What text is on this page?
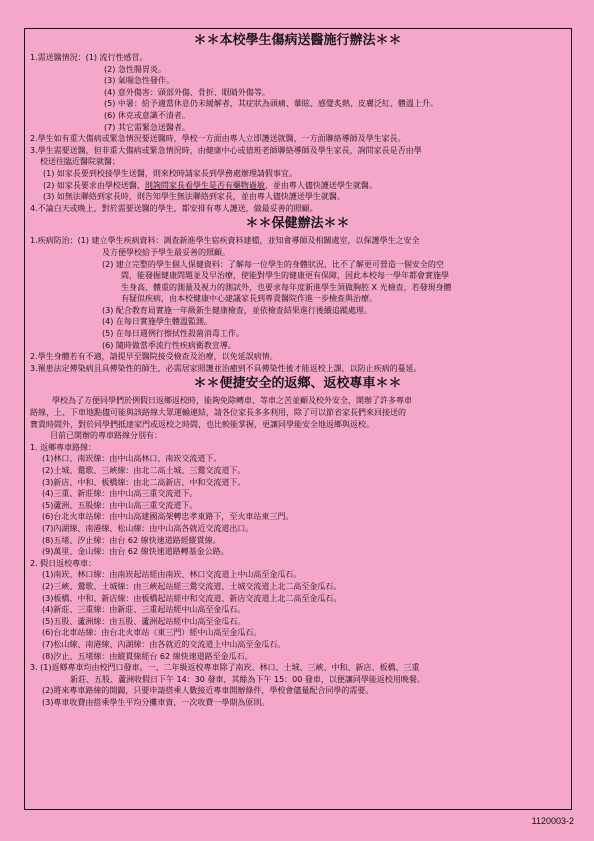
＊＊本校學生傷病送醫施行辦法＊＊
1.需送醫情況：(1) 流行性感冒。
(2) 急性腸胃炎。
(3) 氣喘急性發作。
(4) 意外傷害：頭部外傷、骨折、眼睛外傷等。
(5) 中暑：給予適當休息仍未緩解者，其症狀為頭痛、暈眩、感覺炙熱、皮膚泛紅、體溫上升。
(6) 休克或意識不清者。
(7) 其它需緊急送醫者。
2.學生如有重大傷病或緊急情況要送醫時，學校一方面由專人立即護送就醫，一方面聯絡導師及學生家長。
3.學生需要送醫，但非重大傷病或緊急情況時，由健康中心或值班老師聯絡導師及學生家長，詢問家長是否由學
校送往臨近醫院就醫；
(1) 如家長要到校接學生送醫，則來校時請家長到學務處辦理請假事宜。
(2) 如家長要求由學校送醫，則詢問家長看學生是否有藥物過敏，並由專人儘快護送學生就醫。
(3) 如無法聯絡到家長時，則告知學生無法聯絡到家長，並由專人儘快護送學生就醫。
4.不論白天或晚上，對於需要送醫的學生，都安排有專人護送，做最妥善的照顧。
＊＊保健辦法＊＊
1.疾病防治：(1) 建立學生疾病資料：調查新進學生宿疾資料建檔，並知會導師及相關處室，以保護學生之安全
及方便學校給予學生最妥善的照顧。
(2) 建立完整的學生個人保健資料：了解每一位學生的身體狀況，比不了解更可營造一個安全的空
間，能發掘健康問題並及早治療，使能對學生的健康更有保障，因此本校每一學年都會實施學
生身高、體重的測量及視力的測試外，也要求每年度新進學生須做胸腔 X 光檢查，若發現身體
有疑似疾病，由本校健康中心建議家長到專責醫院作進一步檢查與治療。
(3) 配合教育局實施一年級新生健康檢查，並依檢查結果進行後續追蹤處理。
(4) 在每日實施學生體溫監測。
(5) 在每日週例行擦拭性殺菌消毒工作。
(6) 隨時做當季流行性疾病衛教宣導。
2.學生身體若有不適，請提早至醫院接受檢查及治療，以免延誤病情。
3.罹患法定傳染病且具傳染性的師生，必需居家照護並治癒到不具傳染性後才能返校上課，以防止疾病的蔓延。
＊＊便捷安全的返鄉、返校專車＊＊
學校為了方便同學們於例假日返鄉返校時，能夠免除轉車、等車之苦並顧及校外安全，開辦了許多專車
路線，上、下車地點儘可能與該路線大眾運輸連結，請各位家長多多利用，除了可以節省家長們來回接送的
寶貴時間外，對於同學們抵達家門或返校之時間，也比較能掌握，更讓同學能安全地返鄉與返校。
目前已開辦的專車路線分別有：
1. 返鄉專車路線：
(1)林口、南崁線：由中山高林口、南崁交流道下。
(2)土城、鶯歌、三峽線：由北二高土城、三鶯交流道下。
(3)新店、中和、板橋線：由北二高新店、中和交流道下。
(4)三重、新莊線：由中山高三重交流道下。
(5)蘆洲、五股線：由中山高三重交流道下。
(6)台北火車站線：由中山高建國高架轉忠孝東路下，至火車站東三門。
(7)內湖線、南港線、松山線：由中山高各就近交流道出口。
(8)五堵、汐止線：由台 62 線快速道路經縱貫線。
(9)萬里、金山線：由台 62 線快速道路轉基金公路。
2. 假日返校專車：
(1)南崁、林口線：由南崁起站經由南崁、林口交流道上中山高至金瓜石。
(2)三峽、鶯歌、土城線：由三峽起站經三鶯交流道、土城交流道上北二高至金瓜石。
(3)板橋、中和、新店線：由板橋起站經中和交流道、新店交流道上北二高至金瓜石。
(4)新莊、三重線：由新莊、三重起站經中山高至金瓜石。
(5)五股、蘆洲線：由五股、蘆洲起站經中山高至金瓜石。
(6)台北車站線：由台北火車站（東三門）經中山高至金瓜石。
(7)松山線、南港線、內湖線：由各就近的交流道上中山高至金瓜石。
(8)汐止、五堵線：由縱貫線經台 62 線快速道路至金瓜石。
3. (1)返鄉專車均由校門口發車。一、二年級返校專車除了南崁、林口、土城、三峽、中和、新店、板橋、三重
新莊、五股、蘆洲收假日下午 14：30 發車，其餘為下午 15：00 發車，以便讓同學能返校用晚餐。
(2)將來專車路線的開闢，只要申請搭乘人數接近專車開辦條件，學校會儘量配合同學的需要。
(3)專車收費由搭乘學生平均分攤車資，一次收費一學期為原則。
1120003-2
